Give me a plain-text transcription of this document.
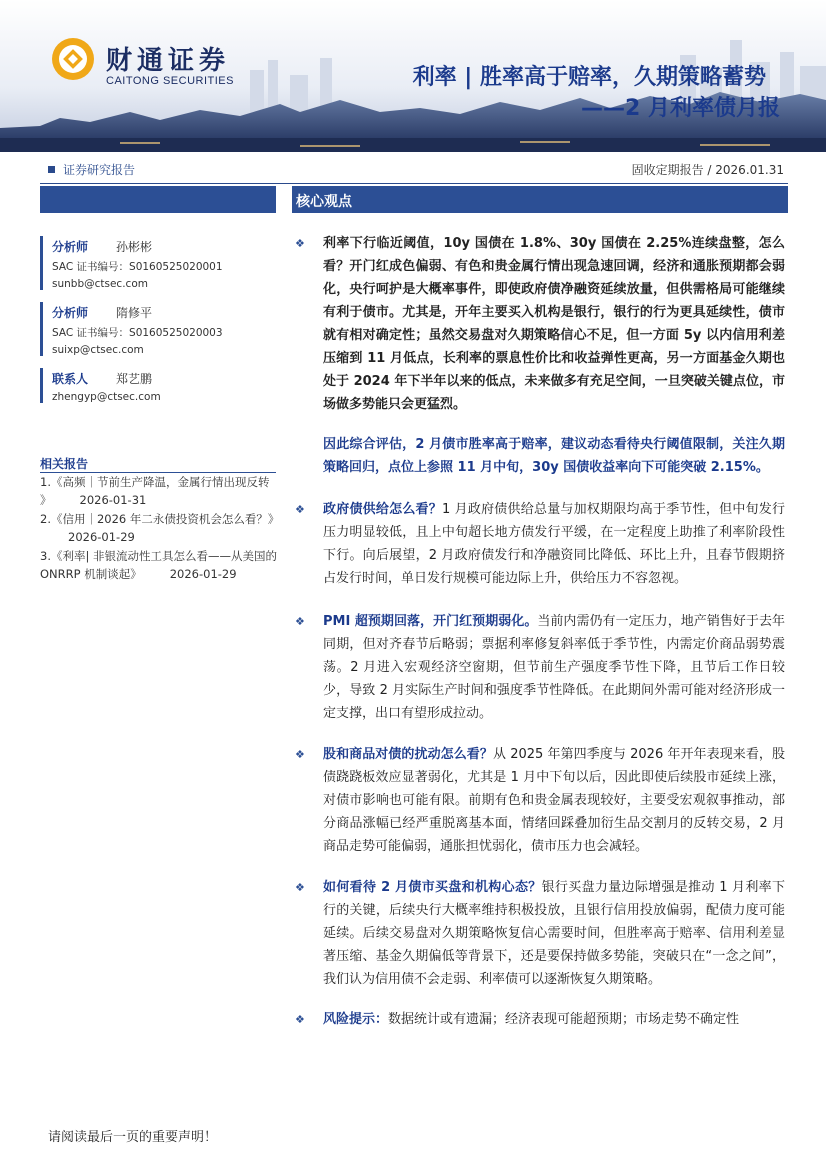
财通证券
CAITONG SECURITIES	利率 | 胜率高于赔率，久期策略蓄势
——2 月利率债月报
证券研究报告	固收定期报告 / 2026.01.31
分析师 孙彬彬
SAC 证书编号：S0160525020001
sunbb@ctsec.com
分析师 隋修平
SAC 证书编号：S0160525020003
suixp@ctsec.com
联系人 郑艺鹏
zhengyp@ctsec.com
相关报告
1.《高频｜节前生产降温，金属行情出现反转 》 2026-01-31
2.《信用｜2026 年二永债投资机会怎么看？》2026-01-29
3.《利率| 非银流动性工具怎么看——从美国的 ONRRP 机制谈起》 2026-01-29
核心观点
❖ 利率下行临近阈值，10y 国债在 1.8%、30y 国债在 2.25%连续盘整，怎么看？开门红成色偏弱、有色和贵金属行情出现急速回调，经济和通胀预期都会弱化，央行呵护是大概率事件，即使政府债净融资延续放量，但供需格局可能继续有利于债市。尤其是，开年主要买入机构是银行，银行的行为更具延续性，债市就有相对确定性；虽然交易盘对久期策略信心不足，但一方面 5y 以内信用利差压缩到 11 月低点，长利率的票息性价比和收益弹性更高，另一方面基金久期也处于 2024 年下半年以来的低点，未来做多有充足空间，一旦突破关键点位，市场做多势能只会更猛烈。
因此综合评估，2 月债市胜率高于赔率，建议动态看待央行阈值限制，关注久期策略回归，点位上参照 11 月中旬，30y 国债收益率向下可能突破 2.15%。
❖ 政府债供给怎么看？1 月政府债供给总量与加权期限均高于季节性，但中旬发行压力明显较低，且上中旬超长地方债发行平缓，在一定程度上助推了利率阶段性下行。向后展望，2 月政府债发行和净融资同比降低、环比上升，且春节假期挤占发行时间，单日发行规模可能边际上升，供给压力不容忽视。
❖ PMI 超预期回落，开门红预期弱化。当前内需仍有一定压力，地产销售好于去年同期，但对齐春节后略弱；票据利率修复斜率低于季节性，内需定价商品弱势震荡。2 月进入宏观经济空窗期，但节前生产强度季节性下降，且节后工作日较少，导致 2 月实际生产时间和强度季节性降低。在此期间外需可能对经济形成一定支撑，出口有望形成拉动。
❖ 股和商品对债的扰动怎么看？从 2025 年第四季度与 2026 年开年表现来看，股债跷跷板效应显著弱化，尤其是 1 月中下旬以后，因此即使后续股市延续上涨，对债市影响也可能有限。前期有色和贵金属表现较好，主要受宏观叙事推动，部分商品涨幅已经严重脱离基本面，情绪回踩叠加衍生品交割月的反转交易，2 月商品走势可能偏弱，通胀担忧弱化，债市压力也会减轻。
❖ 如何看待 2 月债市买盘和机构心态？银行买盘力量边际增强是推动 1 月利率下行的关键，后续央行大概率维持积极投放，且银行信用投放偏弱，配债力度可能延续。后续交易盘对久期策略恢复信心需要时间，但胜率高于赔率、信用利差显著压缩、基金久期偏低等背景下，还是要保持做多势能，突破只在“一念之间”，我们认为信用债不会走弱、利率债可以逐渐恢复久期策略。
❖ 风险提示：数据统计或有遗漏；经济表现可能超预期；市场走势不确定性
请阅读最后一页的重要声明！
